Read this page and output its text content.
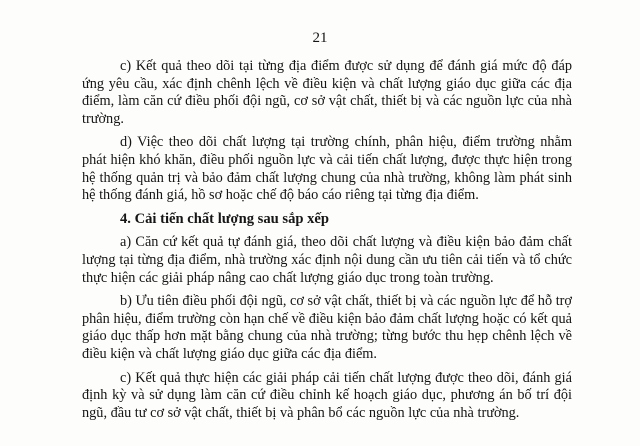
21

c) Kết quả theo dõi tại từng địa điểm được sử dụng để đánh giá mức độ đáp ứng yêu cầu, xác định chênh lệch về điều kiện và chất lượng giáo dục giữa các địa điểm, làm căn cứ điều phối đội ngũ, cơ sở vật chất, thiết bị và các nguồn lực của nhà trường.

d) Việc theo dõi chất lượng tại trường chính, phân hiệu, điểm trường nhằm phát hiện khó khăn, điều phối nguồn lực và cải tiến chất lượng, được thực hiện trong hệ thống quản trị và bảo đảm chất lượng chung của nhà trường, không làm phát sinh hệ thống đánh giá, hồ sơ hoặc chế độ báo cáo riêng tại từng địa điểm.

4. Cải tiến chất lượng sau sắp xếp

a) Căn cứ kết quả tự đánh giá, theo dõi chất lượng và điều kiện bảo đảm chất lượng tại từng địa điểm, nhà trường xác định nội dung cần ưu tiên cải tiến và tổ chức thực hiện các giải pháp nâng cao chất lượng giáo dục trong toàn trường.

b) Ưu tiên điều phối đội ngũ, cơ sở vật chất, thiết bị và các nguồn lực để hỗ trợ phân hiệu, điểm trường còn hạn chế về điều kiện bảo đảm chất lượng hoặc có kết quả giáo dục thấp hơn mặt bằng chung của nhà trường; từng bước thu hẹp chênh lệch về điều kiện và chất lượng giáo dục giữa các địa điểm.

c) Kết quả thực hiện các giải pháp cải tiến chất lượng được theo dõi, đánh giá định kỳ và sử dụng làm căn cứ điều chỉnh kế hoạch giáo dục, phương án bố trí đội ngũ, đầu tư cơ sở vật chất, thiết bị và phân bổ các nguồn lực của nhà trường.
